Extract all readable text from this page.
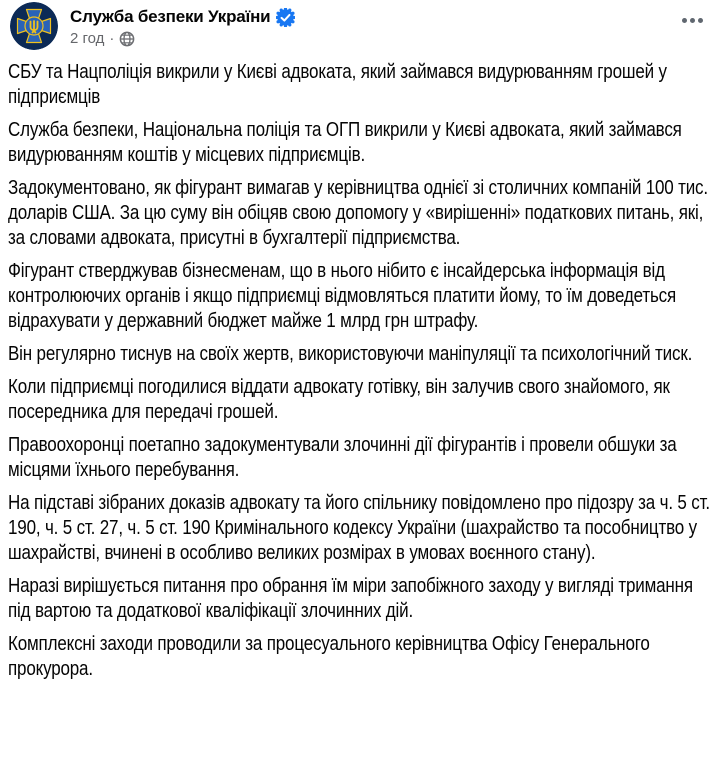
Служба безпеки України
2 год ·

СБУ та Нацполіція викрили у Києві адвоката, який займався видурюванням грошей у підприємців

Служба безпеки, Національна поліція та ОГП викрили у Києві адвоката, який займався видурюванням коштів у місцевих підприємців.

Задокументовано, як фігурант вимагав у керівництва однієї зі столичних компаній 100 тис. доларів США. За цю суму він обіцяв свою допомогу у «вирішенні» податкових питань, які, за словами адвоката, присутні в бухгалтерії підприємства.

Фігурант стверджував бізнесменам, що в нього нібито є інсайдерська інформація від контролюючих органів і якщо підприємці відмовляться платити йому, то їм доведеться відрахувати у державний бюджет майже 1 млрд грн штрафу.

Він регулярно тиснув на своїх жертв, використовуючи маніпуляції та психологічний тиск.

Коли підприємці погодилися віддати адвокату готівку, він залучив свого знайомого, як посередника для передачі грошей.

Правоохоронці поетапно задокументували злочинні дії фігурантів і провели обшуки за місцями їхнього перебування.

На підставі зібраних доказів адвокату та його спільнику повідомлено про підозру за ч. 5 ст. 190, ч. 5 ст. 27, ч. 5 ст. 190 Кримінального кодексу України (шахрайство та пособництво у шахрайстві, вчинені в особливо великих розмірах в умовах воєнного стану).

Наразі вирішується питання про обрання їм міри запобіжного заходу у вигляді тримання під вартою та додаткової кваліфікації злочинних дій.

Комплексні заходи проводили за процесуального керівництва Офісу Генерального прокурора.
